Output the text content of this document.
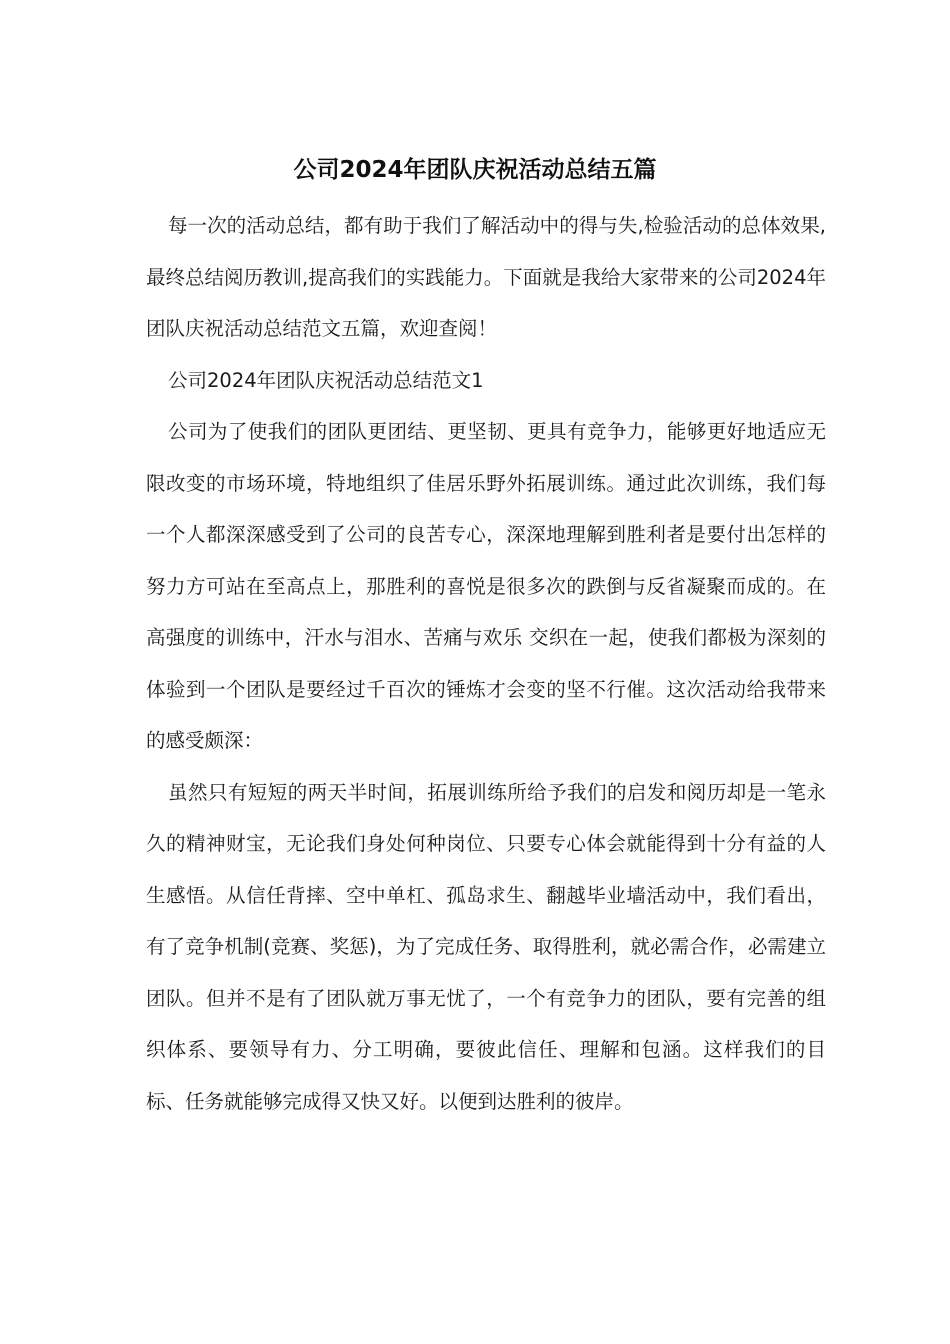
公司2024年团队庆祝活动总结五篇

每一次的活动总结，都有助于我们了解活动中的得与失,检验活动的总体效果,最终总结阅历教训,提高我们的实践能力。下面就是我给大家带来的公司2024年团队庆祝活动总结范文五篇，欢迎查阅！

公司2024年团队庆祝活动总结范文1

公司为了使我们的团队更团结、更坚韧、更具有竞争力，能够更好地适应无限改变的市场环境，特地组织了佳居乐野外拓展训练。通过此次训练，我们每一个人都深深感受到了公司的良苦专心，深深地理解到胜利者是要付出怎样的努力方可站在至高点上，那胜利的喜悦是很多次的跌倒与反省凝聚而成的。在高强度的训练中，汗水与泪水、苦痛与欢乐 交织在一起，使我们都极为深刻的体验到一个团队是要经过千百次的锤炼才会变的坚不行催。这次活动给我带来的感受颇深：

虽然只有短短的两天半时间，拓展训练所给予我们的启发和阅历却是一笔永久的精神财宝，无论我们身处何种岗位、只要专心体会就能得到十分有益的人生感悟。从信任背摔、空中单杠、孤岛求生、翻越毕业墙活动中，我们看出，有了竞争机制(竞赛、奖惩)，为了完成任务、取得胜利，就必需合作，必需建立团队。但并不是有了团队就万事无忧了，一个有竞争力的团队，要有完善的组织体系、要领导有力、分工明确，要彼此信任、理解和包涵。这样我们的目标、任务就能够完成得又快又好。以便到达胜利的彼岸。
